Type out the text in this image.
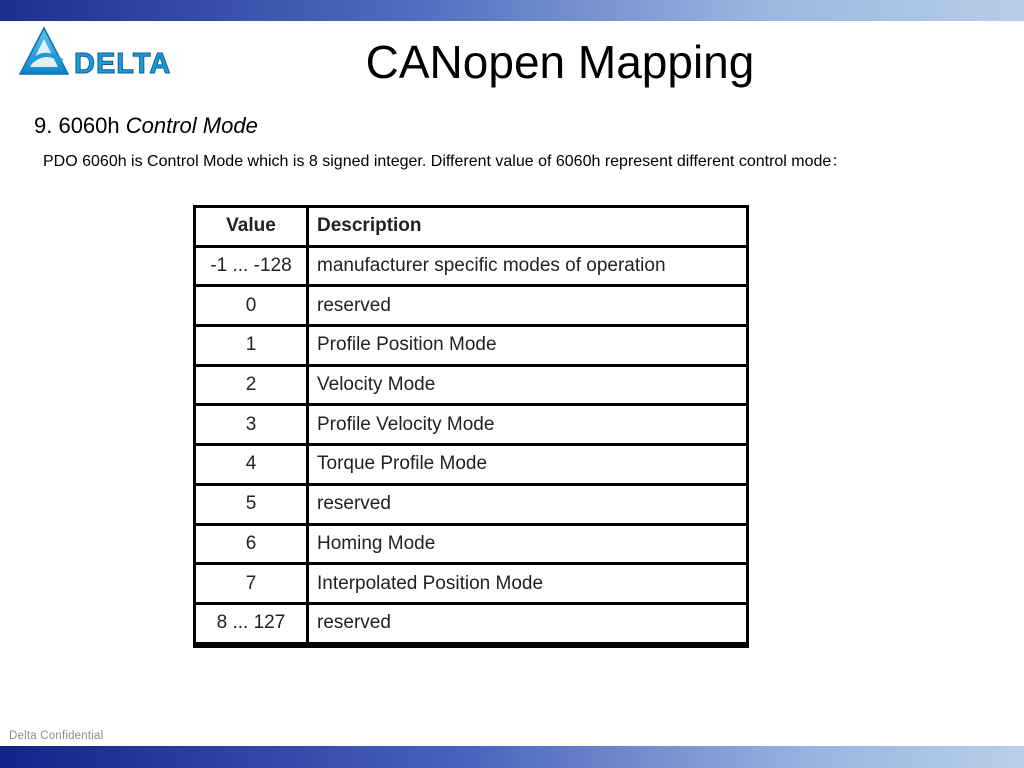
DELTA	CANopen Mapping
9. 6060h Control Mode
PDO 6060h is Control Mode which is 8 signed integer. Different value of 6060h represent different control mode：
Value	Description
-1 ... -128	manufacturer specific modes of operation
0	reserved
1	Profile Position Mode
2	Velocity Mode
3	Profile Velocity Mode
4	Torque Profile Mode
5	reserved
6	Homing Mode
7	Interpolated Position Mode
8 ... 127	reserved
Delta Confidential
